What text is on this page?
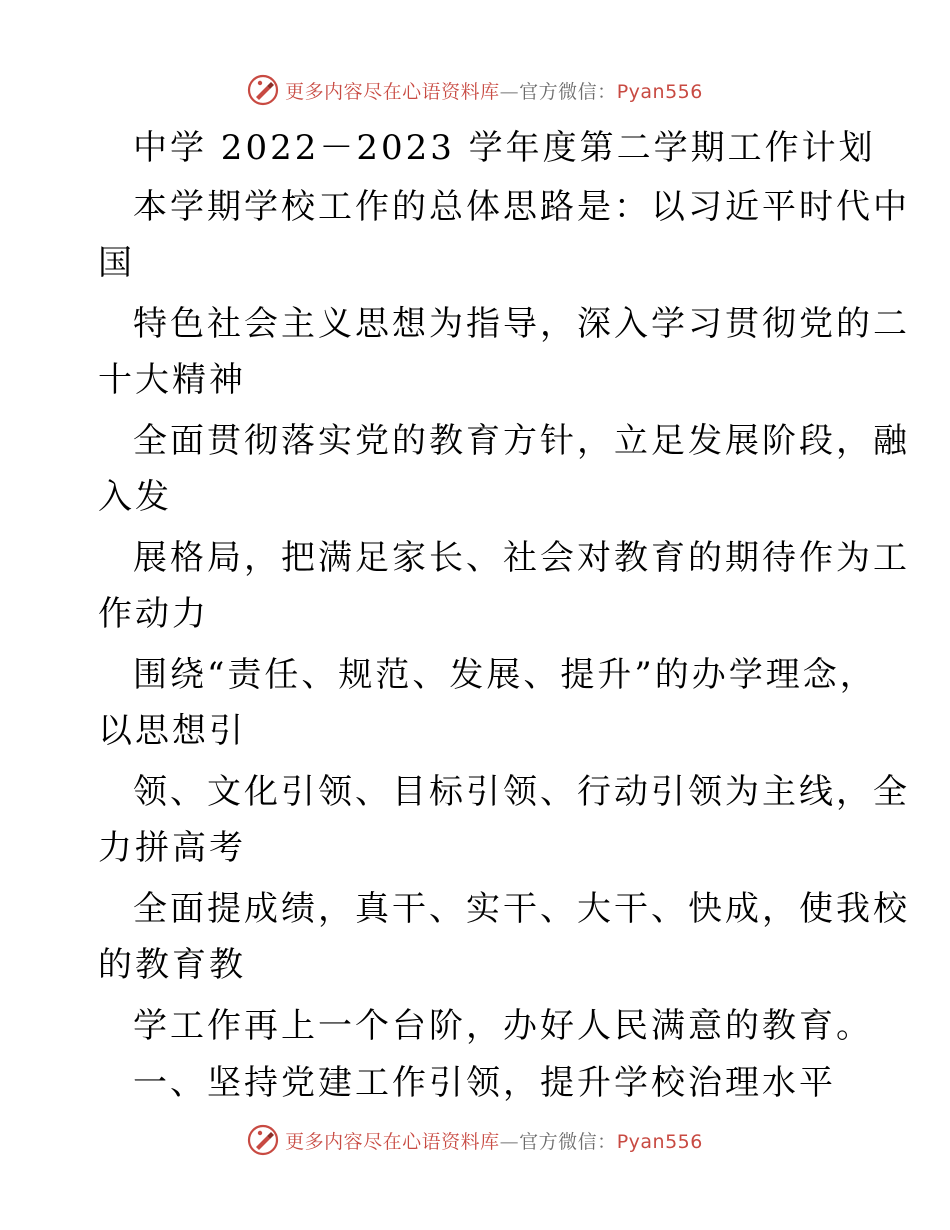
更多内容尽在心语资料库—官方微信：Pyan556
中学 2022－2023 学年度第二学期工作计划
本学期学校工作的总体思路是：以习近平时代中
国
特色社会主义思想为指导，深入学习贯彻党的二
十大精神
全面贯彻落实党的教育方针，立足发展阶段，融
入发
展格局，把满足家长、社会对教育的期待作为工
作动力
围绕“责任、规范、发展、提升”的办学理念，
以思想引
领、文化引领、目标引领、行动引领为主线，全
力拼高考
全面提成绩，真干、实干、大干、快成，使我校
的教育教
学工作再上一个台阶，办好人民满意的教育。
一、坚持党建工作引领，提升学校治理水平
更多内容尽在心语资料库—官方微信：Pyan556
